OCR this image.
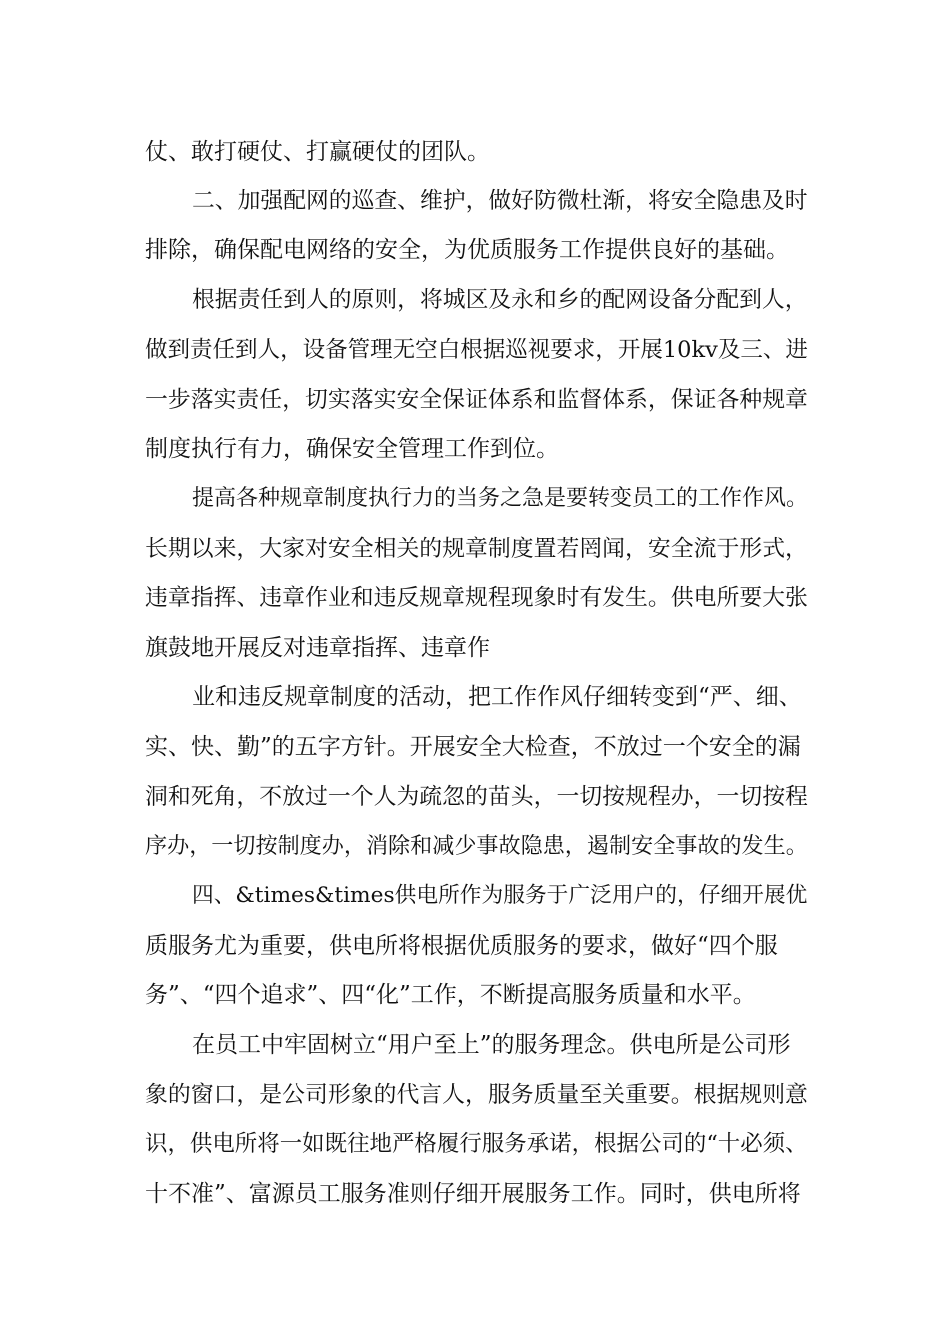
仗、敢打硬仗、打赢硬仗的团队。
二、加强配网的巡查、维护，做好防微杜渐，将安全隐患及时
排除，确保配电网络的安全，为优质服务工作提供良好的基础。
根据责任到人的原则，将城区及永和乡的配网设备分配到人，
做到责任到人，设备管理无空白根据巡视要求，开展10kv及三、进
一步落实责任，切实落实安全保证体系和监督体系，保证各种规章
制度执行有力，确保安全管理工作到位。
提高各种规章制度执行力的当务之急是要转变员工的工作作风。
长期以来，大家对安全相关的规章制度置若罔闻，安全流于形式，
违章指挥、违章作业和违反规章规程现象时有发生。供电所要大张
旗鼓地开展反对违章指挥、违章作
业和违反规章制度的活动，把工作作风仔细转变到“严、细、
实、快、勤”的五字方针。开展安全大检查，不放过一个安全的漏
洞和死角，不放过一个人为疏忽的苗头，一切按规程办，一切按程
序办，一切按制度办，消除和减少事故隐患，遏制安全事故的发生。
四、&times&times供电所作为服务于广泛用户的，仔细开展优
质服务尤为重要，供电所将根据优质服务的要求，做好“四个服
务”、“四个追求”、四“化”工作，不断提高服务质量和水平。
在员工中牢固树立“用户至上”的服务理念。供电所是公司形
象的窗口，是公司形象的代言人，服务质量至关重要。根据规则意
识，供电所将一如既往地严格履行服务承诺，根据公司的“十必须、
十不准”、富源员工服务准则仔细开展服务工作。同时，供电所将
